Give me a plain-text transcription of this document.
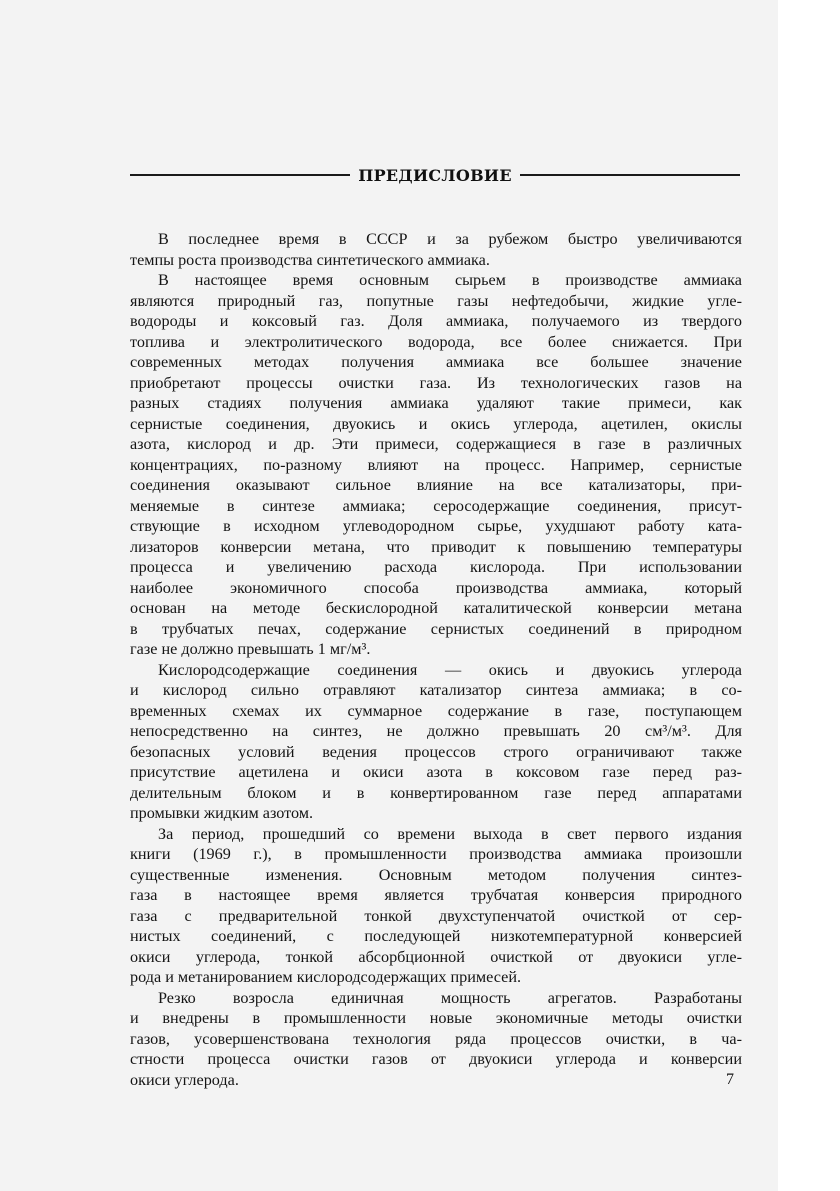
ПРЕДИСЛОВИЕ
В последнее время в СССР и за рубежом быстро увеличиваются
темпы роста производства синтетического аммиака.
В настоящее время основным сырьем в производстве аммиака
являются природный газ, попутные газы нефтедобычи, жидкие угле-
водороды и коксовый газ. Доля аммиака, получаемого из твердого
топлива и электролитического водорода, все более снижается. При
современных методах получения аммиака все большее значение
приобретают процессы очистки газа. Из технологических газов на
разных стадиях получения аммиака удаляют такие примеси, как
сернистые соединения, двуокись и окись углерода, ацетилен, окислы
азота, кислород и др. Эти примеси, содержащиеся в газе в различных
концентрациях, по-разному влияют на процесс. Например, сернистые
соединения оказывают сильное влияние на все катализаторы, при-
меняемые в синтезе аммиака; серосодержащие соединения, присут-
ствующие в исходном углеводородном сырье, ухудшают работу ката-
лизаторов конверсии метана, что приводит к повышению температуры
процесса и увеличению расхода кислорода. При использовании
наиболее экономичного способа производства аммиака, который
основан на методе бескислородной каталитической конверсии метана
в трубчатых печах, содержание сернистых соединений в природном
газе не должно превышать 1 мг/м³.
Кислородсодержащие соединения — окись и двуокись углерода
и кислород сильно отравляют катализатор синтеза аммиака; в со-
временных схемах их суммарное содержание в газе, поступающем
непосредственно на синтез, не должно превышать 20 см³/м³. Для
безопасных условий ведения процессов строго ограничивают также
присутствие ацетилена и окиси азота в коксовом газе перед раз-
делительным блоком и в конвертированном газе перед аппаратами
промывки жидким азотом.
За период, прошедший со времени выхода в свет первого издания
книги (1969 г.), в промышленности производства аммиака произошли
существенные изменения. Основным методом получения синтез-
газа в настоящее время является трубчатая конверсия природного
газа с предварительной тонкой двухступенчатой очисткой от сер-
нистых соединений, с последующей низкотемпературной конверсией
окиси углерода, тонкой абсорбционной очисткой от двуокиси угле-
рода и метанированием кислородсодержащих примесей.
Резко возросла единичная мощность агрегатов. Разработаны
и внедрены в промышленности новые экономичные методы очистки
газов, усовершенствована технология ряда процессов очистки, в ча-
стности процесса очистки газов от двуокиси углерода и конверсии
окиси углерода.	7
